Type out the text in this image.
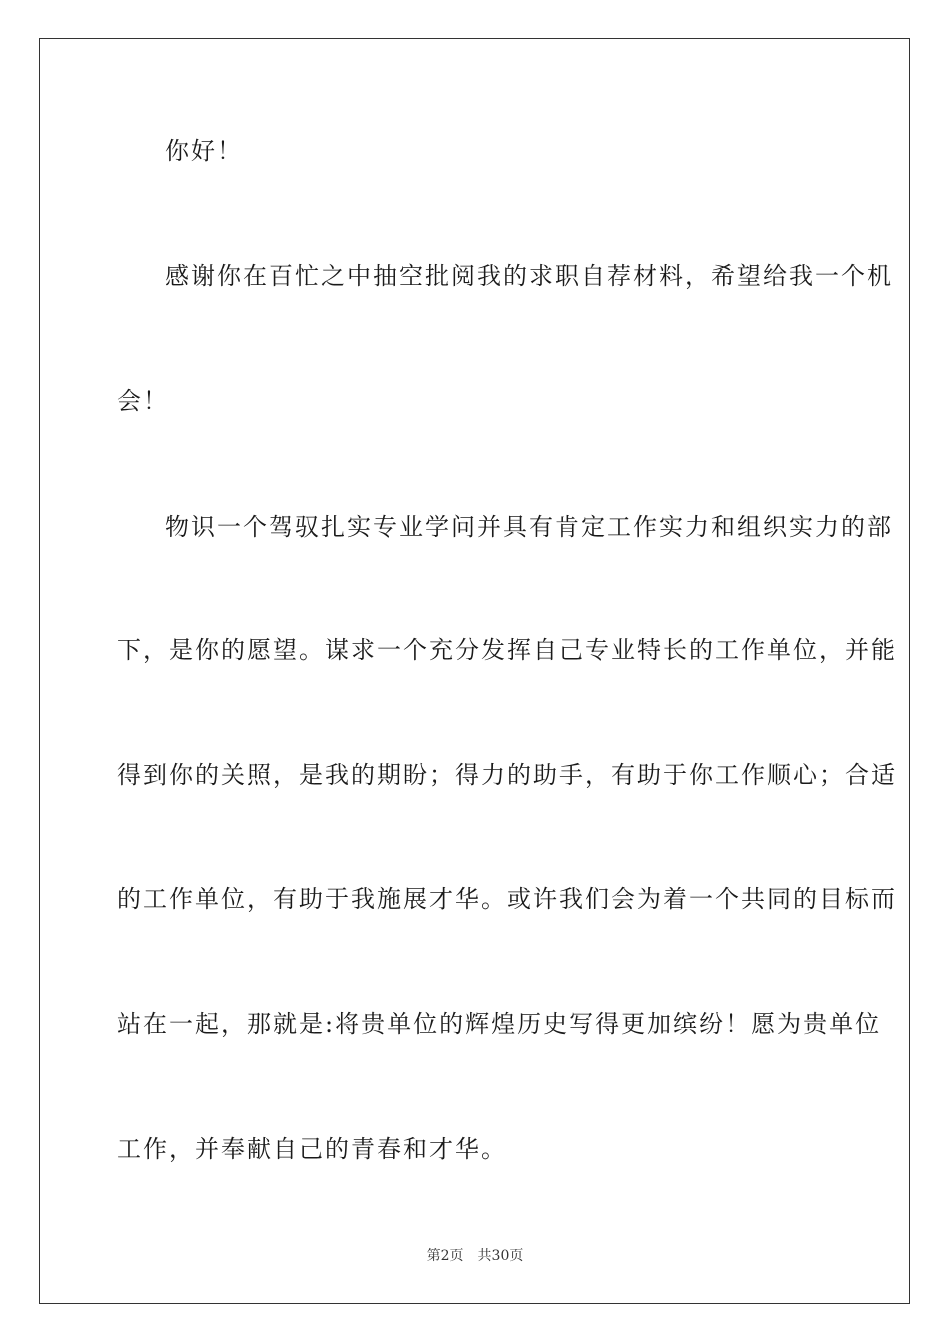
你好！
感谢你在百忙之中抽空批阅我的求职自荐材料，希望给我一个机
会！
物识一个驾驭扎实专业学问并具有肯定工作实力和组织实力的部
下，是你的愿望。谋求一个充分发挥自己专业特长的工作单位，并能
得到你的关照，是我的期盼；得力的助手，有助于你工作顺心；合适
的工作单位，有助于我施展才华。或许我们会为着一个共同的目标而
站在一起，那就是:将贵单位的辉煌历史写得更加缤纷！愿为贵单位
工作，并奉献自己的青春和才华。
第2页 共30页
